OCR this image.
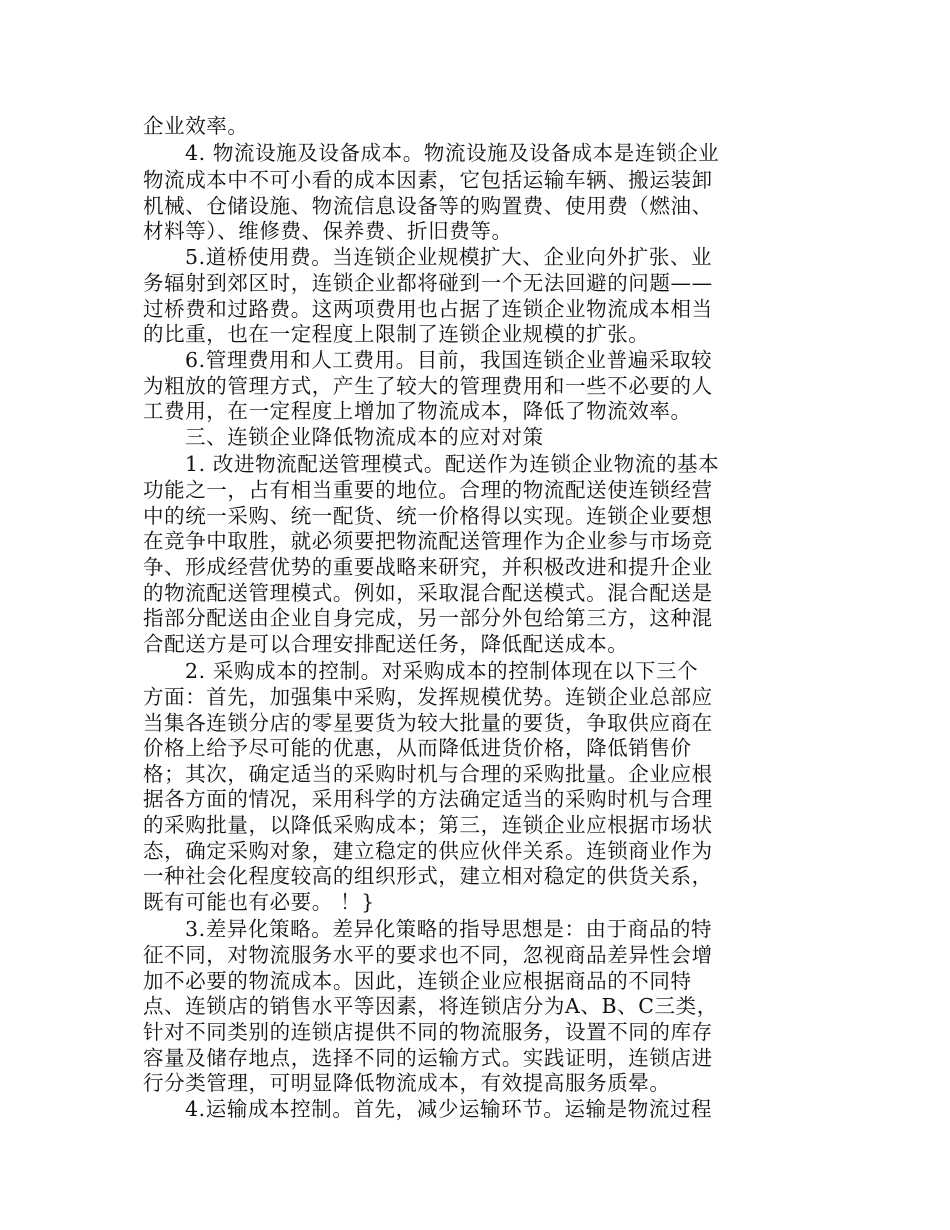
企业效率。
4. 物流设施及设备成本。物流设施及设备成本是连锁企业
物流成本中不可小看的成本因素，它包括运输车辆、搬运装卸
机械、仓储设施、物流信息设备等的购置费、使用费（燃油、
材料等）、维修费、保养费、折旧费等。
5.道桥使用费。当连锁企业规模扩大、企业向外扩张、业
务辐射到郊区时，连锁企业都将碰到一个无法回避的问题——
过桥费和过路费。这两项费用也占据了连锁企业物流成本相当
的比重，也在一定程度上限制了连锁企业规模的扩张。
6.管理费用和人工费用。目前，我国连锁企业普遍采取较
为粗放的管理方式，产生了较大的管理费用和一些不必要的人
工费用，在一定程度上增加了物流成本，降低了物流效率。
三、连锁企业降低物流成本的应对对策
1. 改进物流配送管理模式。配送作为连锁企业物流的基本
功能之一，占有相当重要的地位。合理的物流配送使连锁经营
中的统一采购、统一配货、统一价格得以实现。连锁企业要想
在竞争中取胜，就必须要把物流配送管理作为企业参与市场竞
争、形成经营优势的重要战略来研究，并积极改进和提升企业
的物流配送管理模式。例如，采取混合配送模式。混合配送是
指部分配送由企业自身完成，另一部分外包给第三方，这种混
合配送方是可以合理安排配送任务，降低配送成本。
2. 采购成本的控制。对采购成本的控制体现在以下三个
方面：首先，加强集中采购，发挥规模优势。连锁企业总部应
当集各连锁分店的零星要货为较大批量的要货，争取供应商在
价格上给予尽可能的优惠，从而降低进货价格，降低销售价
格；其次，确定适当的采购时机与合理的采购批量。企业应根
据各方面的情况，采用科学的方法确定适当的采购时机与合理
的采购批量，以降低采购成本；第三，连锁企业应根据市场状
态，确定采购对象，建立稳定的供应伙伴关系。连锁商业作为
一种社会化程度较高的组织形式，建立相对稳定的供货关系，
既有可能也有必要。 ！}
3.差异化策略。差异化策略的指导思想是：由于商品的特
征不同，对物流服务水平的要求也不同，忽视商品差异性会增
加不必要的物流成本。因此，连锁企业应根据商品的不同特
点、连锁店的销售水平等因素，将连锁店分为A、B、C三类，
针对不同类别的连锁店提供不同的物流服务，设置不同的库存
容量及储存地点，选择不同的运输方式。实践证明，连锁店进
行分类管理，可明显降低物流成本，有效提高服务质晕。
4.运输成本控制。首先，减少运输环节。运输是物流过程
